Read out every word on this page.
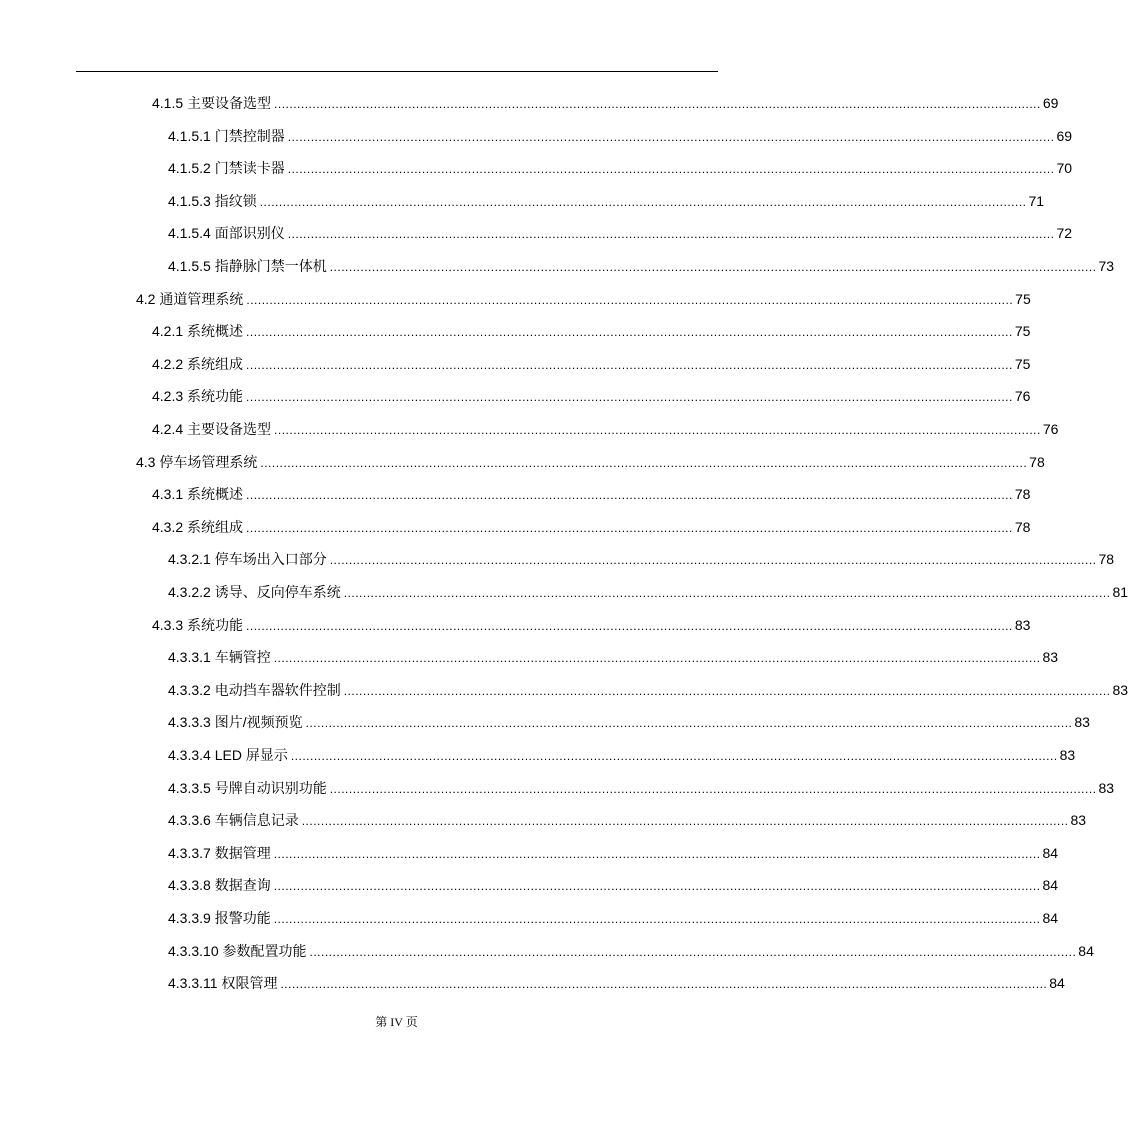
4.1.5 主要设备选型 ........................................................................................................................................................................................................ 69
4.1.5.1 门禁控制器 ........................................................................................................................................................................................................ 69
4.1.5.2 门禁读卡器 ........................................................................................................................................................................................................ 70
4.1.5.3 指纹锁 ........................................................................................................................................................................................................ 71
4.1.5.4 面部识别仪 ........................................................................................................................................................................................................ 72
4.1.5.5 指静脉门禁一体机 ........................................................................................................................................................................................................ 73
4.2 通道管理系统 ........................................................................................................................................................................................................ 75
4.2.1 系统概述 ........................................................................................................................................................................................................ 75
4.2.2 系统组成 ........................................................................................................................................................................................................ 75
4.2.3 系统功能 ........................................................................................................................................................................................................ 76
4.2.4 主要设备选型 ........................................................................................................................................................................................................ 76
4.3 停车场管理系统 ........................................................................................................................................................................................................ 78
4.3.1 系统概述 ........................................................................................................................................................................................................ 78
4.3.2 系统组成 ........................................................................................................................................................................................................ 78
4.3.2.1 停车场出入口部分 ........................................................................................................................................................................................................ 78
4.3.2.2 诱导、反向停车系统 ........................................................................................................................................................................................................ 81
4.3.3 系统功能 ........................................................................................................................................................................................................ 83
4.3.3.1 车辆管控 ........................................................................................................................................................................................................ 83
4.3.3.2 电动挡车器软件控制 ........................................................................................................................................................................................................ 83
4.3.3.3 图片/视频预览 ........................................................................................................................................................................................................ 83
4.3.3.4 LED 屏显示 ........................................................................................................................................................................................................ 83
4.3.3.5 号牌自动识别功能 ........................................................................................................................................................................................................ 83
4.3.3.6 车辆信息记录 ........................................................................................................................................................................................................ 83
4.3.3.7 数据管理 ........................................................................................................................................................................................................ 84
4.3.3.8 数据查询 ........................................................................................................................................................................................................ 84
4.3.3.9 报警功能 ........................................................................................................................................................................................................ 84
4.3.3.10 参数配置功能 ........................................................................................................................................................................................................ 84
4.3.3.11 权限管理 ........................................................................................................................................................................................................ 84
第 IV 页
